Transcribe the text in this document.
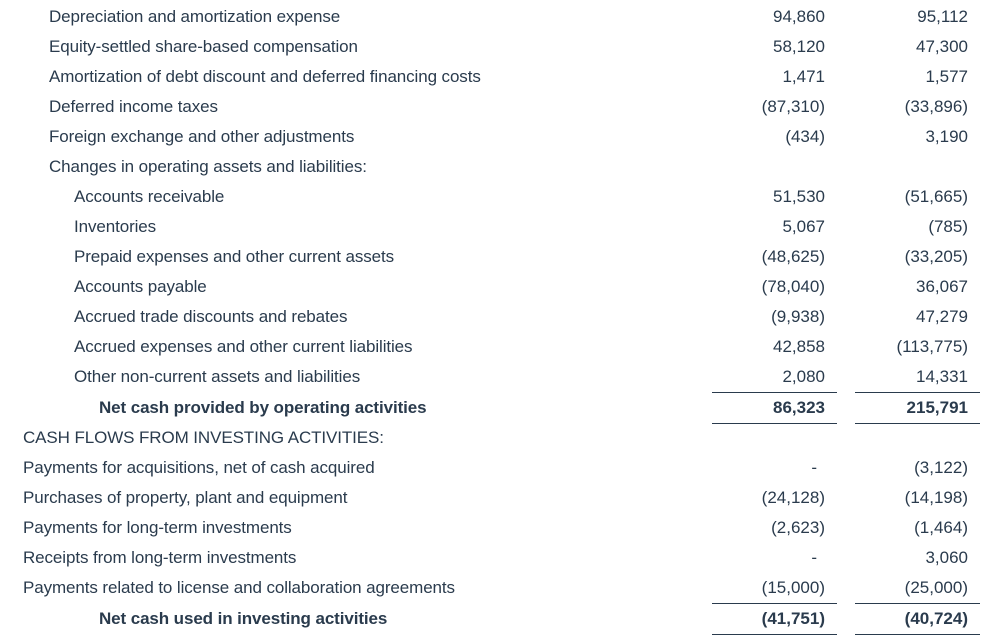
Depreciation and amortization expense	94,860	95,112
Equity-settled share-based compensation	58,120	47,300
Amortization of debt discount and deferred financing costs	1,471	1,577
Deferred income taxes	(87,310)	(33,896)
Foreign exchange and other adjustments	(434)	3,190
Changes in operating assets and liabilities:
Accounts receivable	51,530	(51,665)
Inventories	5,067	(785)
Prepaid expenses and other current assets	(48,625)	(33,205)
Accounts payable	(78,040)	36,067
Accrued trade discounts and rebates	(9,938)	47,279
Accrued expenses and other current liabilities	42,858	(113,775)
Other non-current assets and liabilities	2,080	14,331
Net cash provided by operating activities	86,323	215,791
CASH FLOWS FROM INVESTING ACTIVITIES:
Payments for acquisitions, net of cash acquired	-	(3,122)
Purchases of property, plant and equipment	(24,128)	(14,198)
Payments for long-term investments	(2,623)	(1,464)
Receipts from long-term investments	-	3,060
Payments related to license and collaboration agreements	(15,000)	(25,000)
Net cash used in investing activities	(41,751)	(40,724)
